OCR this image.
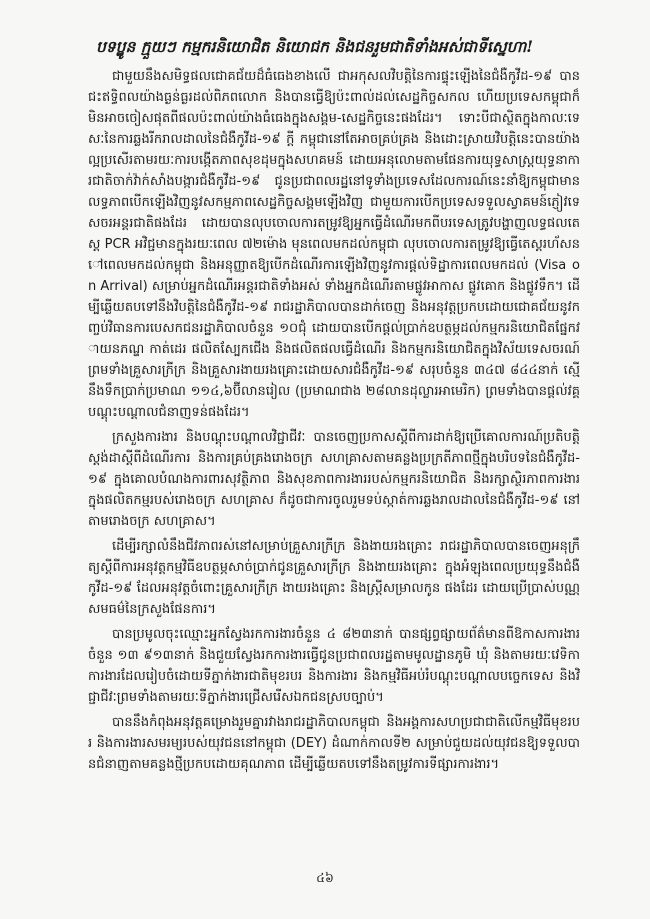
បទប្ផ្លូន ក្មួយៗ កម្មករនិយោជិត និយោជក និងជនរួមជាតិទាំងអស់ជាទីស្នេហា!

ជាមួយនឹងសមិទ្ធផលជោគជ័យដ៏ធំធេងខាងលើ ជាអកុសលវិបត្តិនៃការផ្ទុះឡើងនៃជំងឺកូវីដ-១៩ បានជះឥទ្ធិពលយ៉ាងធ្ងន់ធ្ងរដល់ពិភពលោក និងបានធ្វើឱ្យប៉ះពាល់ដល់សេដ្ឋកិច្ចសកល ហើយប្រទេសកម្ពុជាក៏មិនអាចចៀសផុតពីផលប៉ះពាល់យ៉ាងធំធេងក្នុងសង្គម-សេដ្ឋកិច្ចនេះផងដែរ។ ទោះបីជាស្ថិតក្នុងកាលៈទេសៈនៃការឆ្លងរីករាលដាលនៃជំងឺកូវីដ-១៩ ក្តី កម្ពុជានៅតែអាចគ្រប់គ្រង និងដោះស្រាយវិបត្តិនេះបានយ៉ាងល្អប្រសើរតាមរយៈការបង្កើតភាពសុខដុមក្នុងសហគមន៍ ដោយអនុលោមតាមផែនការយុទ្ធសាស្ត្រយុទ្ធនាការជាតិចាក់វ៉ាក់សាំងបង្ការជំងឺកូវីដ-១៩ ជូនប្រជាពលរដ្ឋនៅទូទាំងប្រទេសដែលការណ៍នេះនាំឱ្យកម្ពុជាមានលទ្ធភាពបើកឡើងវិញនូវសកម្មភាពសេដ្ឋកិច្ចសង្គមឡើងវិញ ជាមួយការបើកប្រទេសទទួលស្វាគមន៍ភ្ញៀវទេសចរអន្តរជាតិផងដែរ ដោយបានលុបចោលការតម្រូវឱ្យអ្នកធ្វើដំណើរមកពីបរទេសត្រូវបង្ហាញលទ្ធផលតេស្ត PCR អវិជ្ជមានក្នុងរយៈពេល ៧២ម៉ោង មុនពេលមកដល់កម្ពុជា លុបចោលការតម្រូវឱ្យធ្វើតេស្តរហ័សនៅពេលមកដល់កម្ពុជា និងអនុញ្ញាតឱ្យបើកដំណើរការឡើងវិញនូវការផ្តល់ទិដ្ឋាការពេលមកដល់ (Visa on Arrival) សម្រាប់អ្នកដំណើរអន្តរជាតិទាំងអស់ ទាំងអ្នកដំណើរតាមផ្លូវអាកាស ផ្លូវគោក និងផ្លូវទឹក។ ដើម្បីឆ្លើយតបទៅនឹងវិបត្តិនៃជំងឺកូវីដ-១៩ រាជរដ្ឋាភិបាលបានដាក់ចេញ និងអនុវត្តប្រកបដោយជោគជ័យនូវកញ្ចប់វិធានការបេសកជនរដ្ឋាភិបាលចំនួន ១០ជុំ ដោយបានបើកផ្តល់ប្រាក់ឧបត្ថម្ភដល់កម្មករនិយោជិតផ្នែកវាយនភណ្ឌ កាត់ដេរ ផលិតស្បែកជើង និងផលិតផលធ្វើដំណើរ និងកម្មករនិយោជិតក្នុងវិស័យទេសចរណ៍ ព្រមទាំងគ្រួសារក្រីក្រ និងគ្រួសារងាយរងគ្រោះដោយសារជំងឺកូវីដ-១៩ សរុបចំនួន ៣៤៧ ៨៤៤នាក់ ស្មើនឹងទឹកប្រាក់ប្រមាណ ១១៤,៦ប៊ីលានរៀល (ប្រមាណជាង ២៨លានដុល្លារអាមេរិក) ព្រមទាំងបានផ្តល់វគ្គបណ្តុះបណ្តាលជំនាញទន់ផងដែរ។

ក្រសួងការងារ និងបណ្តុះបណ្តាលវិជ្ជាជីវៈ បានចេញប្រកាសស្តីពីការដាក់ឱ្យប្រើគោលការណ៍ប្រតិបត្តិស្តង់ដាស្តីពីដំណើរការ និងការគ្រប់គ្រងរោងចក្រ សហគ្រាសតាមគន្លងប្រក្រតីភាពថ្មីក្នុងបរិបទនៃជំងឺកូវីដ-១៩ ក្នុងគោលបំណងការពារសុវត្ថិភាព និងសុខភាពការងាររបស់កម្មករនិយោជិត និងរក្សាស្ថិរភាពការងារក្នុងផលិតកម្មរបស់រោងចក្រ សហគ្រាស ក៏ដូចជាការចូលរួមទប់ស្កាត់ការឆ្លងរាលដាលនៃជំងឺកូវីដ-១៩ នៅតាមរោងចក្រ សហគ្រាស។

ដើម្បីរក្សាលំនឹងជីវភាពរស់នៅសម្រាប់គ្រួសារក្រីក្រ និងងាយរងគ្រោះ រាជរដ្ឋាភិបាលបានចេញអនុក្រឹត្យស្តីពីការអនុវត្តកម្មវិធីឧបត្ថម្ភសាច់ប្រាក់ជូនគ្រួសារក្រីក្រ និងងាយរងគ្រោះ ក្នុងអំឡុងពេលប្រយុទ្ធនឹងជំងឺកូវីដ-១៩ ដែលអនុវត្តចំពោះគ្រួសារក្រីក្រ ងាយរងគ្រោះ និងស្ត្រីសម្រាលកូន ផងដែរ ដោយប្រើប្រាស់បណ្ណសមធម៌នៃក្រសួងផែនការ។

បានប្រមូលចុះឈ្មោះអ្នកស្វែងរកការងារចំនួន ៤ ៨២៣នាក់ បានផ្សព្វផ្សាយព័ត៌មានពីឱកាសការងារចំនួន ១៣ ៩១៣នាក់ និងជួយស្វែងរកការងារធ្វើជូនប្រជាពលរដ្ឋតាមមូលដ្ឋានភូមិ ឃុំ និងតាមរយៈវេទិកាការងារដែលរៀបចំដោយទីភ្នាក់ងារជាតិមុខរបរ និងការងារ និងកម្មវិធីអប់រំបណ្តុះបណ្តាលបច្ចេកទេស និងវិជ្ជាជីវៈព្រមទាំងតាមរយៈទីភ្នាក់ងារជ្រើសរើសឯកជនស្របច្បាប់។

បាននឹងកំពុងអនុវត្តគម្រោងរួមគ្នារវាងរាជរដ្ឋាភិបាលកម្ពុជា និងអង្គការសហប្រជាជាតិលើកម្មវិធីមុខរបរ និងការងារសមរម្យរបស់យុវជននៅកម្ពុជា (DEY) ដំណាក់កាលទី២ សម្រាប់ជួយដល់យុវជនឱ្យទទួលបានជំនាញតាមគន្លងថ្មីប្រកបដោយគុណភាព ដើម្បីឆ្លើយតបទៅនឹងតម្រូវការទីផ្សារការងារ។

៤៦
